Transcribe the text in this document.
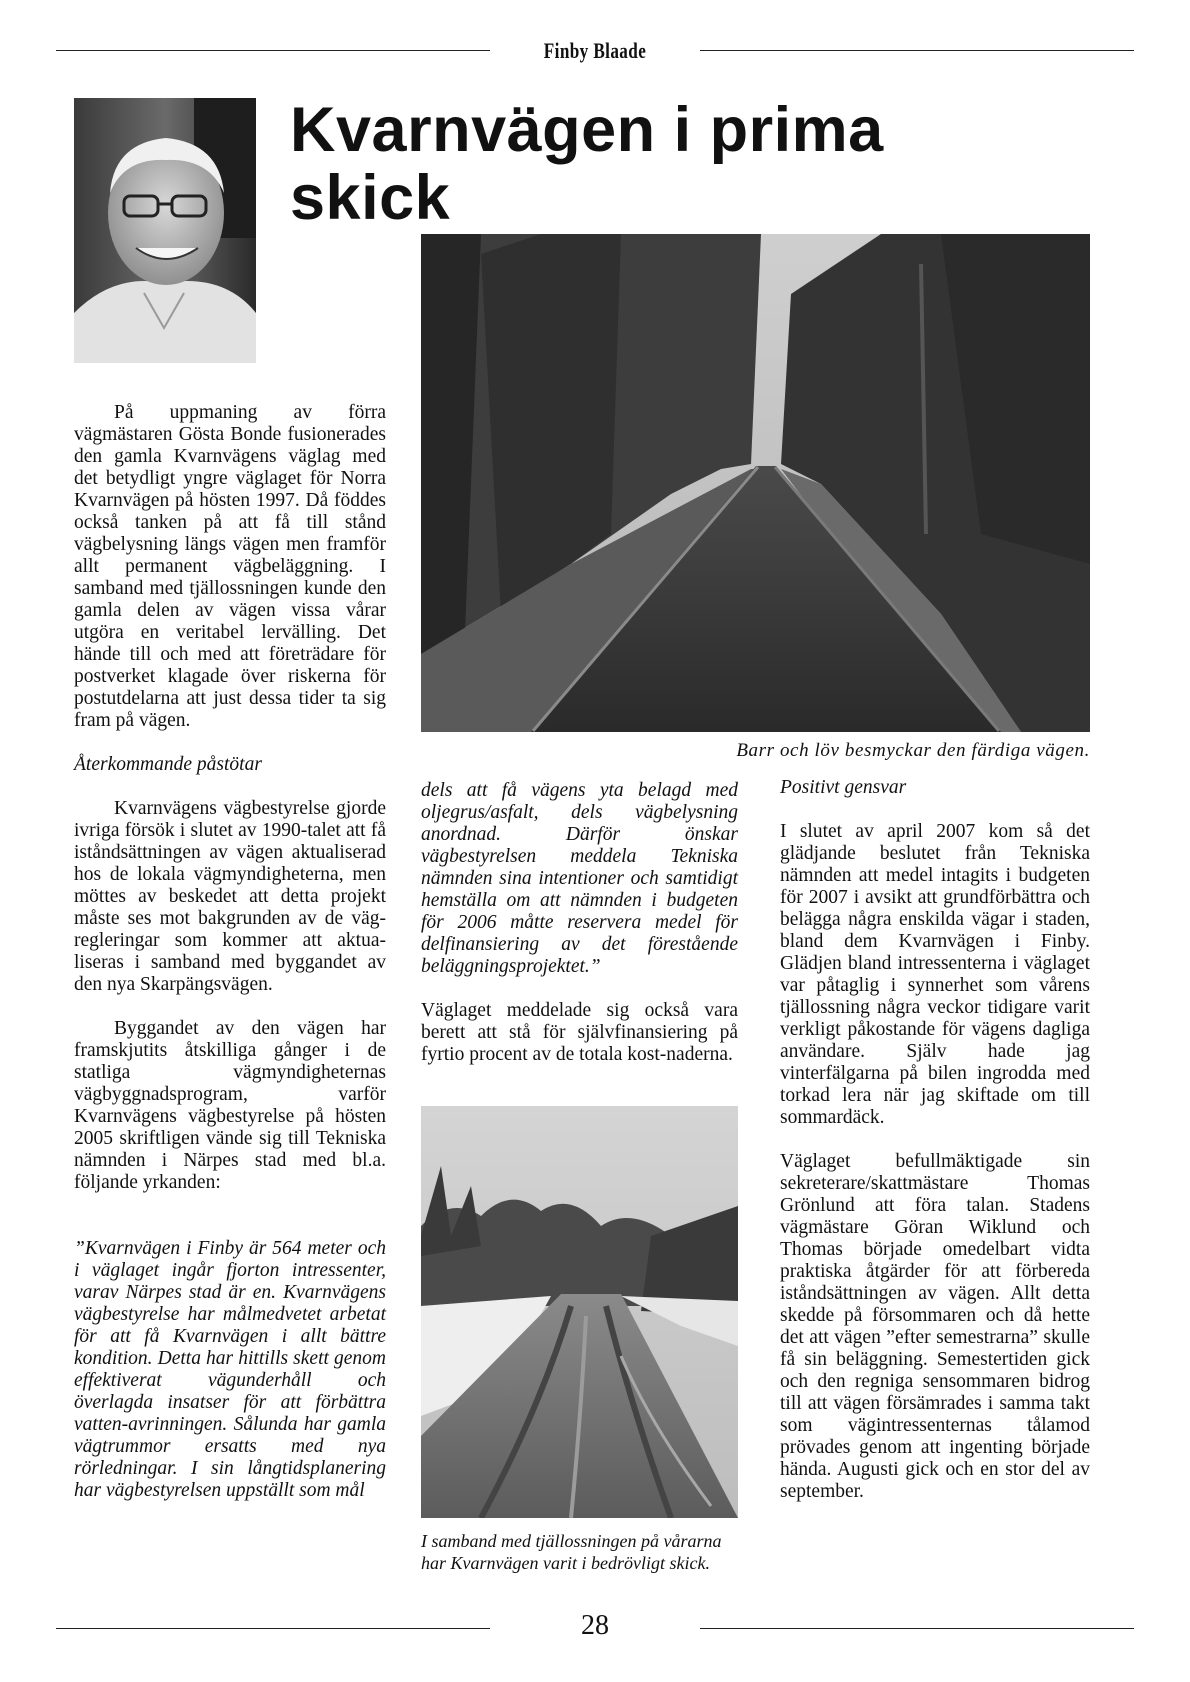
Finby Blaade
Kvarnvägen i prima skick

Barr och löv besmyckar den färdiga vägen.

På uppmaning av förra vägmästaren Gösta Bonde fusionerades den gamla Kvarnvägens väglag med det betydligt yngre väglaget för Norra Kvarnvägen på hösten 1997. Då föddes också tanken på att få till stånd vägbelysning längs vägen men framför allt permanent vägbeläggning. I samband med tjällossningen kunde den gamla delen av vägen vissa vårar utgöra en veritabel lervälling. Det hände till och med att företrädare för postverket klagade över riskerna för postutdelarna att just dessa tider ta sig fram på vägen.

Återkommande påstötar

Kvarnvägens vägbestyrelse gjorde ivriga försök i slutet av 1990-talet att få iståndsättningen av vägen aktualiserad hos de lokala vägmyndigheterna, men möttes av beskedet att detta projekt måste ses mot bakgrunden av de väg-regleringar som kommer att aktua-liseras i samband med byggandet av den nya Skarpängsvägen.

Byggandet av den vägen har framskjutits åtskilliga gånger i de statliga vägmyndigheternas vägbyggnadsprogram, varför Kvarnvägens vägbestyrelse på hösten 2005 skriftligen vände sig till Tekniska nämnden i Närpes stad med bl.a. följande yrkanden:

”Kvarnvägen i Finby är 564 meter och i väglaget ingår fjorton intressenter, varav Närpes stad är en. Kvarnvägens vägbestyrelse har målmedvetet arbetat för att få Kvarnvägen i allt bättre kondition. Detta har hittills skett genom effektiverat vägunderhåll och överlagda insatser för att förbättra vatten-avrinningen. Sålunda har gamla vägtrummor ersatts med nya rörledningar. I sin långtidsplanering har vägbestyrelsen uppställt som mål

dels att få vägens yta belagd med oljegrus/asfalt, dels vägbelysning anordnad. Därför önskar vägbestyrelsen meddela Tekniska nämnden sina intentioner och samtidigt hemställa om att nämnden i budgeten för 2006 måtte reservera medel för delfinansiering av det förestående beläggningsprojektet.”

Väglaget meddelade sig också vara berett att stå för självfinansiering på fyrtio procent av de totala kost-naderna.

I samband med tjällossningen på vårarna har Kvarnvägen varit i bedrövligt skick.

Positivt gensvar

I slutet av april 2007 kom så det glädjande beslutet från Tekniska nämnden att medel intagits i budgeten för 2007 i avsikt att grundförbättra och belägga några enskilda vägar i staden, bland dem Kvarnvägen i Finby. Glädjen bland intressenterna i väglaget var påtaglig i synnerhet som vårens tjällossning några veckor tidigare varit verkligt påkostande för vägens dagliga användare. Själv hade jag vinterfälgarna på bilen ingrodda med torkad lera när jag skiftade om till sommardäck.

Väglaget befullmäktigade sin sekreterare/skattmästare Thomas Grönlund att föra talan. Stadens vägmästare Göran Wiklund och Thomas började omedelbart vidta praktiska åtgärder för att förbereda iståndsättningen av vägen. Allt detta skedde på försommaren och då hette det att vägen ”efter semestrarna” skulle få sin beläggning. Semestertiden gick och den regniga sensommaren bidrog till att vägen försämrades i samma takt som vägintressenternas tålamod prövades genom att ingenting började hända. Augusti gick och en stor del av september.

28
